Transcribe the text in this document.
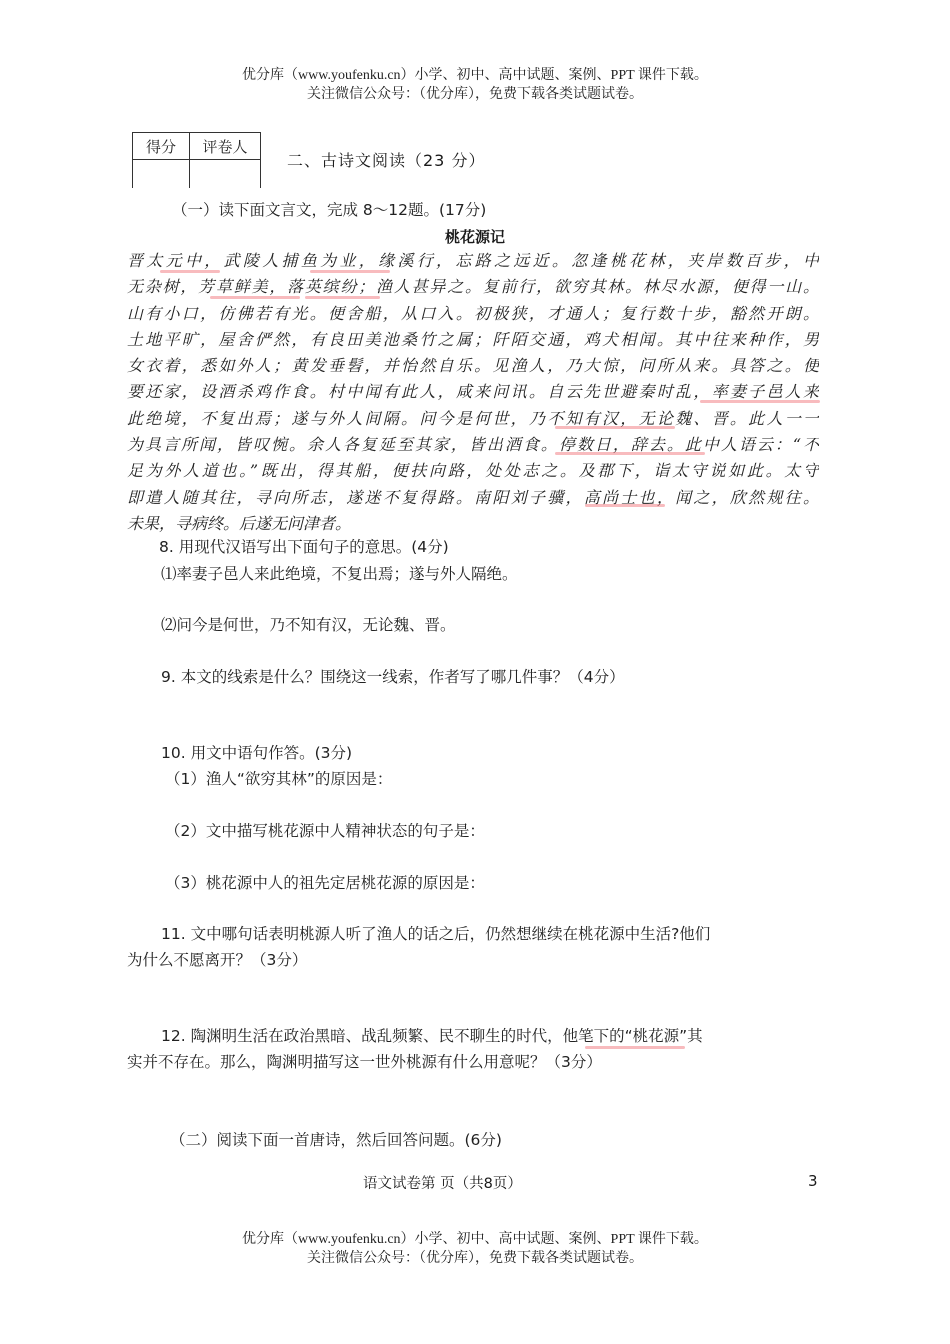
优分库（www.youfenku.cn）小学、初中、高中试题、案例、PPT 课件下载。
关注微信公众号：（优分库），免费下载各类试题试卷。
得分	评卷人

二、古诗文阅读（23 分）
（一）读下面文言文，完成 8～12题。(17分)
桃花源记
晋太元中，武陵人捕鱼为业，缘溪行，忘路之远近。忽逢桃花林，夹岸数百步，中
无杂树，芳草鲜美，落英缤纷；渔人甚异之。复前行，欲穷其林。林尽水源，便得一山。
山有小口，仿佛若有光。便舍船，从口入。初极狭，才通人；复行数十步，豁然开朗。
土地平旷，屋舍俨然，有良田美池桑竹之属；阡陌交通，鸡犬相闻。其中往来种作，男
女衣着，悉如外人；黄发垂髫，并怡然自乐。见渔人，乃大惊，问所从来。具答之。便
要还家，设酒杀鸡作食。村中闻有此人，咸来问讯。自云先世避秦时乱，率妻子邑人来
此绝境，不复出焉；遂与外人间隔。问今是何世，乃不知有汉，无论魏、晋。此人一一
为具言所闻，皆叹惋。余人各复延至其家，皆出酒食。停数日，辞去。此中人语云：“不
足为外人道也。”既出，得其船，便扶向路，处处志之。及郡下，诣太守说如此。太守
即遣人随其往，寻向所志，遂迷不复得路。南阳刘子骥，高尚士也，闻之，欣然规往。
未果，寻病终。后遂无问津者。
8. 用现代汉语写出下面句子的意思。(4分)
⑴率妻子邑人来此绝境，不复出焉；遂与外人隔绝。
⑵问今是何世，乃不知有汉，无论魏、晋。
9. 本文的线索是什么？围绕这一线索，作者写了哪几件事？（4分）
10. 用文中语句作答。(3分)
（1）渔人“欲穷其林”的原因是：
（2）文中描写桃花源中人精神状态的句子是：
（3）桃花源中人的祖先定居桃花源的原因是：
11. 文中哪句话表明桃源人听了渔人的话之后，仍然想继续在桃花源中生活?他们
为什么不愿离开？（3分）
12. 陶渊明生活在政治黑暗、战乱频繁、民不聊生的时代，他笔下的“桃花源”其
实并不存在。那么，陶渊明描写这一世外桃源有什么用意呢？（3分）
（二）阅读下面一首唐诗，然后回答问题。(6分)
语文试卷第 页（共8页）	3
优分库（www.youfenku.cn）小学、初中、高中试题、案例、PPT 课件下载。
关注微信公众号：（优分库），免费下载各类试题试卷。
